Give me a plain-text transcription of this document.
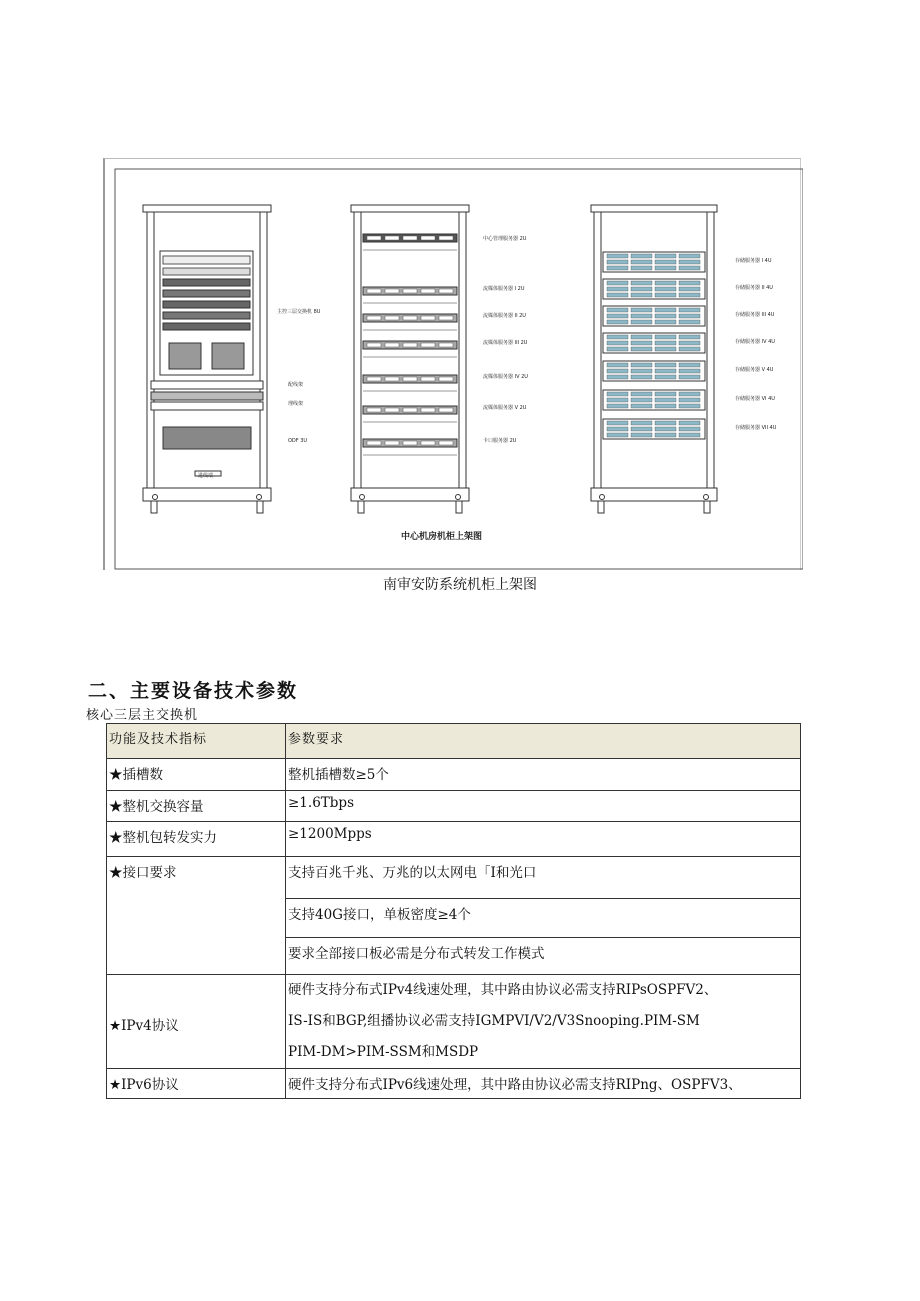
进线端
主控三层交换机 8U
配线架
理线架
ODF 3U
中心管理服务器 2U
流媒体服务器 I 2U
流媒体服务器 II 2U
流媒体服务器 III 2U
流媒体服务器 IV 2U
流媒体服务器 V 2U
卡口服务器 2U
存储服务器 I 4U
存储服务器 II 4U
存储服务器 III 4U
存储服务器 IV 4U
存储服务器 V 4U
存储服务器 VI 4U
存储服务器 VII 4U
中心机房机柜上架图
南审安防系统机柜上架图
二、主要设备技术参数
核心三层主交换机
功能及技术指标	参数要求
★插槽数	整机插槽数≥5个
★整机交换容量	≥1.6Tbps
★整机包转发实力	≥1200Mpps
★接口要求	支持百兆千兆、万兆的以太网电「I和光口
	支持40G接口，单板密度≥4个
	要求全部接口板必需是分布式转发工作模式
★IPv4协议	硬件支持分布式IPv4线速处理，其中路由协议必需支持RIPsOSPFV2、
IS-IS和BGP,组播协议必需支持IGMPVI/V2/V3Snooping.PIM-SM
PIM-DM>PIM-SSM和MSDP

★IPv6协议	硬件支持分布式IPv6线速处理，其中路由协议必需支持RIPng、OSPFV3、
